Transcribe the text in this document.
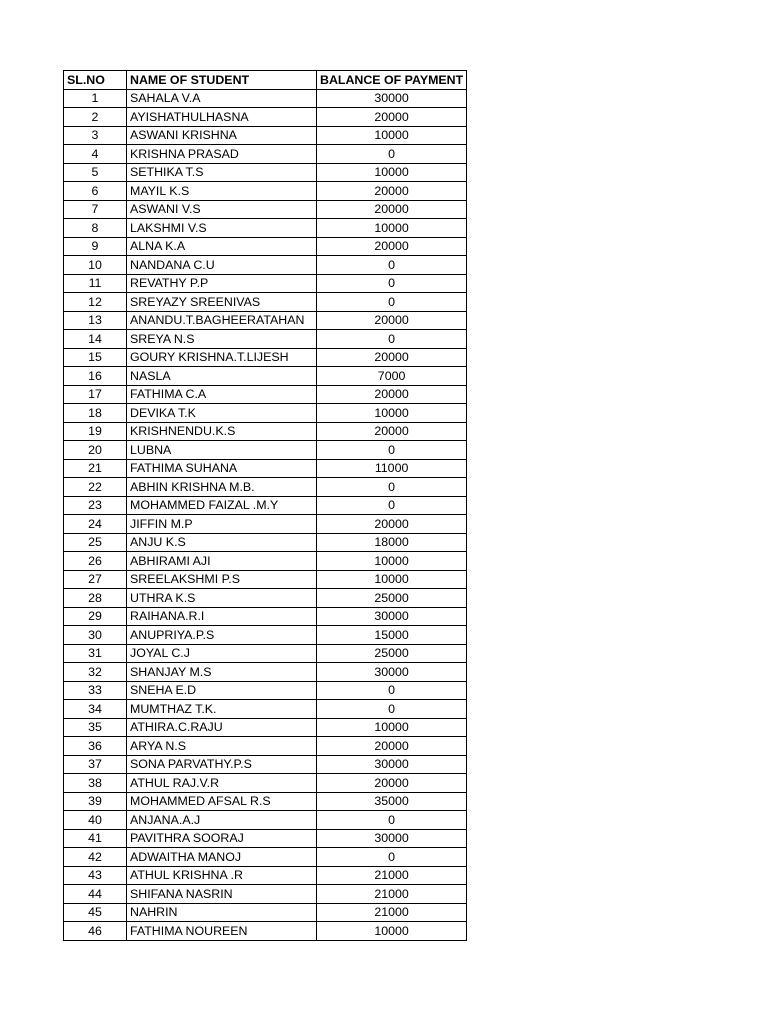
SL.NO	NAME OF STUDENT	BALANCE OF PAYMENT
1	SAHALA V.A	30000
2	AYISHATHULHASNA	20000
3	ASWANI KRISHNA	10000
4	KRISHNA PRASAD	0
5	SETHIKA T.S	10000
6	MAYIL K.S	20000
7	ASWANI V.S	20000
8	LAKSHMI V.S	10000
9	ALNA K.A	20000
10	NANDANA C.U	0
11	REVATHY P.P	0
12	SREYAZY SREENIVAS	0
13	ANANDU.T.BAGHEERATAHAN	20000
14	SREYA N.S	0
15	GOURY KRISHNA.T.LIJESH	20000
16	NASLA	7000
17	FATHIMA C.A	20000
18	DEVIKA T.K	10000
19	KRISHNENDU.K.S	20000
20	LUBNA	0
21	FATHIMA SUHANA	11000
22	ABHIN KRISHNA M.B.	0
23	MOHAMMED FAIZAL .M.Y	0
24	JIFFIN M.P	20000
25	ANJU K.S	18000
26	ABHIRAMI AJI	10000
27	SREELAKSHMI P.S	10000
28	UTHRA K.S	25000
29	RAIHANA.R.I	30000
30	ANUPRIYA.P.S	15000
31	JOYAL C.J	25000
32	SHANJAY M.S	30000
33	SNEHA E.D	0
34	MUMTHAZ T.K.	0
35	ATHIRA.C.RAJU	10000
36	ARYA N.S	20000
37	SONA PARVATHY.P.S	30000
38	ATHUL RAJ.V.R	20000
39	MOHAMMED AFSAL R.S	35000
40	ANJANA.A.J	0
41	PAVITHRA SOORAJ	30000
42	ADWAITHA MANOJ	0
43	ATHUL KRISHNA .R	21000
44	SHIFANA NASRIN	21000
45	NAHRIN	21000
46	FATHIMA NOUREEN	10000
